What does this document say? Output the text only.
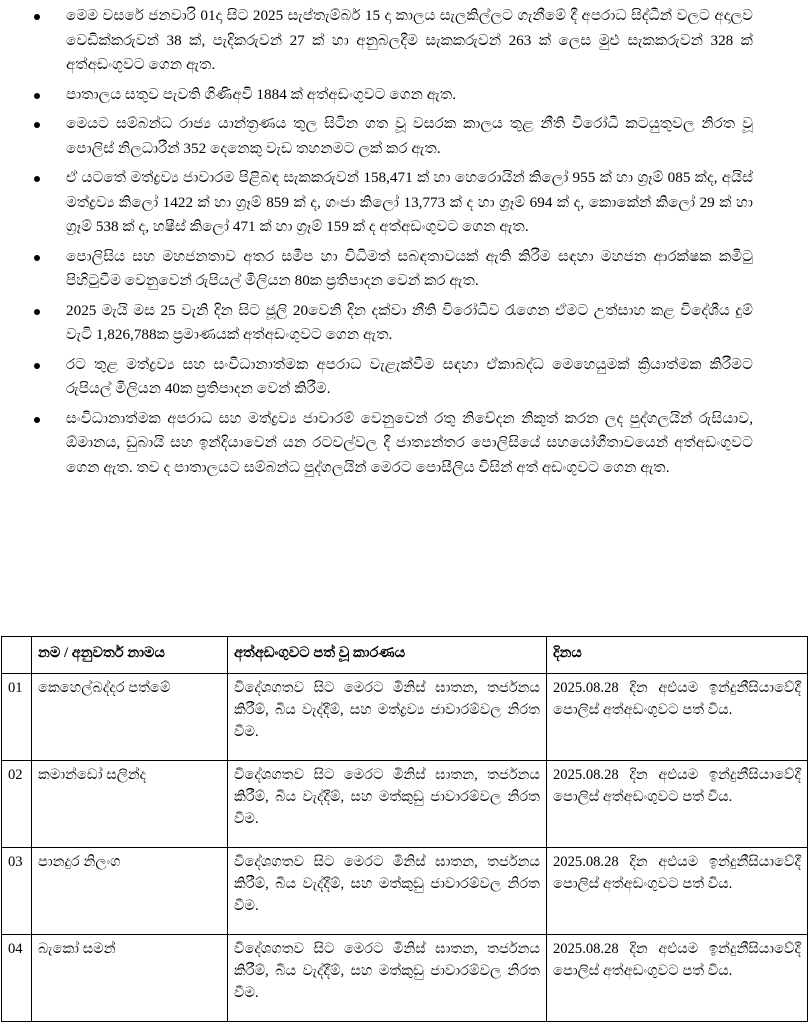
මෙම වසරේ ජනවාරි 01දා සිට 2025 සැප්තැම්බර් 15 දා කාලය සැලකිල්ලට ගැනීමේ දී අපරාධ සිද්ධීන් වලට අදාලව වෙඩික්කරුවන් 38 ක්, පැදිකරුවන් 27 ක් හා අනුබලදීම සැකකරුවන් 263 ක් ලෙස මුළු සැකකරුවන් 328 ක් අත්අඩංගුවට ගෙන ඇත.
පාතාලය සතුව පැවති ගිණිඅවි 1884 ක් අත්අඩංගුවට ගෙන ඇත.
මෙයට සම්බන්ධ රාජ්‍ය යාන්ත්‍රණය තුල සිටින ගත වූ වසරක කාලය තුළ නීති විරෝධී කටයුතුවල නිරත වූ පොලිස් නිලධාරීන් 352 දෙනෙකු වැඩ තහනමට ලක් කර ඇත.
ඒ යටතේ මත්ද්‍රව්‍ය ජාවාරම පිළිබඳ සැකකරුවන් 158,471 ක් හා හෙරොයින් කිලෝ 955 ක් හා ග්‍රෑම් 085 ක්ද, අයිස් මත්ද්‍රව්‍ය කිලෝ 1422 ක් හා ග්‍රෑම් 859 ක් ද, ගංජා කිලෝ 13,773 ක් ද හා ග්‍රෑම් 694 ක් ද, කොකේන් කිලෝ 29 ක් හා ග්‍රෑම් 538 ක් ද, හෂීස් කිලෝ 471 ක් හා ග්‍රෑම් 159 ක් ද අත්අඩංගුවට ගෙන ඇත.
පොලිසිය සහ මහජනතාව අතර සමීප හා විධිමත් සබඳතාවයක් ඇති කිරීම සඳහා මහජන ආරක්ෂක කමිටු පිහිටුවීම වෙනුවෙන් රුපියල් මිලියන 80ක ප්‍රතිපාදන වෙන් කර ඇත.
2025 මැයි මස 25 වැනි දින සිට ජූලි 20වෙනි දින දක්වා නීති විරෝධීව රැගෙන ඒමට උත්සාහ කළ විදේශීය දුම් වැටි 1,826,788ක ප්‍රමාණයක් අත්අඩංගුවට ගෙන ඇත.
රට තුළ මත්ද්‍රව්‍ය සහ සංවිධානාත්මක අපරාධ වැළැක්වීම සඳහා ඒකාබද්ධ මෙහෙයුමක් ක්‍රියාත්මක කිරීමට රුපියල් මිලියන 40ක ප්‍රතිපාදන වෙන් කිරීම.
සංවිධානාත්මක අපරාධ සහ මත්ද්‍රව්‍ය ජාවාරම් වෙනුවෙන් රතු නිවේදන නිකුත් කරන ලද පුද්ගලයින් රුසියාව, ඕමානය, ඩුබායි සහ ඉන්දියාවෙන් යන රටවල්වල දී ජාත්‍යන්තර පොලිසියේ සහයෝගීතාවයෙන් අත්අඩංගුවට ගෙන ඇත. තව ද පාතාලයට සම්බන්ධ පුද්ගලයින් මෙරට පොසීලිය විසින් අත් අඩංගුවට ගෙන ඇත.
	නම / අනුවර්ත නාමය	අත්අඩංගුවට පත් වූ කාරණය	දිනය
01	කෙහෙල්බද්දර පත්මේ	විදේශගතව සිට මෙරට මිනිස් ඝාතන, තර්ජනය කිරීම්, බිය වැද්දීම්, සහ මත්ද්‍රව්‍ය ජාවාරම්වල නිරත වීම.	2025.08.28 දින අළුයම ඉන්දුනීසියාවේදී පොලිස් අත්අඩංගුවට පත් විය.
02	කමාන්ඩෝ සලින්ද	විදේශගතව සිට මෙරට මිනිස් ඝාතන, තර්ජනය කිරීම්, බිය වැද්දීම්, සහ මත්කුඩු ජාවාරම්වල නිරත වීම.	2025.08.28 දින අළුයම ඉන්දුනීසියාවේදී පොලිස් අත්අඩංගුවට පත් විය.
03	පානදුර නිලංග	විදේශගතව සිට මෙරට මිනිස් ඝාතන, තර්ජනය කිරීම්, බිය වැද්දීම්, සහ මත්කුඩු ජාවාරම්වල නිරත වීම.	2025.08.28 දින අළුයම ඉන්දුනීසියාවේදී පොලිස් අත්අඩංගුවට පත් විය.
04	බැකෝ සමන්	විදේශගතව සිට මෙරට මිනිස් ඝාතන, තර්ජනය කිරීම්, බිය වැද්දීම්, සහ මත්කුඩු ජාවාරම්වල නිරත වීම.	2025.08.28 දින අළුයම ඉන්දුනීසියාවේදී පොලිස් අත්අඩංගුවට පත් විය.
